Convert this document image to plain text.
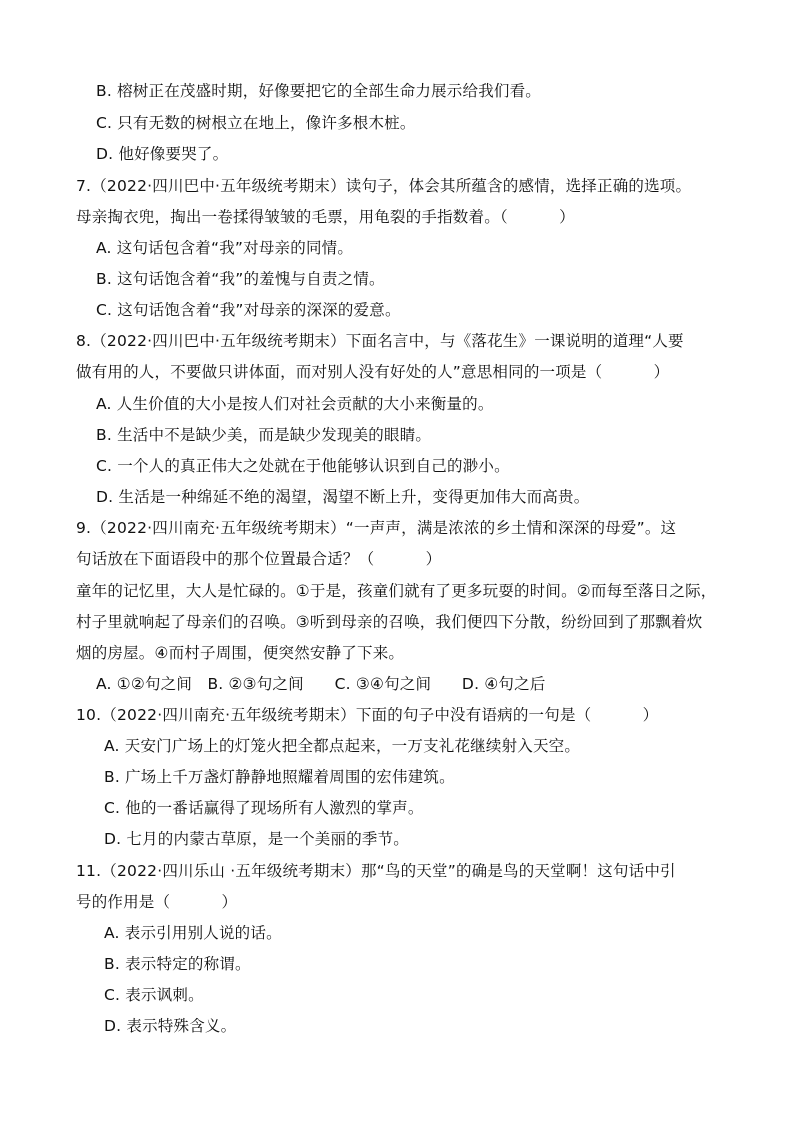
B. 榕树正在茂盛时期，好像要把它的全部生命力展示给我们看。
C. 只有无数的树根立在地上，像许多根木桩。
D. 他好像要哭了。
7.（2022·四川巴中·五年级统考期末）读句子，体会其所蕴含的感情，选择正确的选项。
母亲掏衣兜，掏出一卷揉得皱皱的毛票，用龟裂的手指数着。（          ）
A. 这句话包含着“我”对母亲的同情。
B. 这句话饱含着“我”的羞愧与自责之情。
C. 这句话饱含着“我”对母亲的深深的爱意。
8.（2022·四川巴中·五年级统考期末）下面名言中，与《落花生》一课说明的道理“人要
做有用的人，不要做只讲体面，而对别人没有好处的人”意思相同的一项是（          ）
A. 人生价值的大小是按人们对社会贡献的大小来衡量的。
B. 生活中不是缺少美，而是缺少发现美的眼睛。
C. 一个人的真正伟大之处就在于他能够认识到自己的渺小。
D. 生活是一种绵延不绝的渴望，渴望不断上升，变得更加伟大而高贵。
9.（2022·四川南充·五年级统考期末）“一声声，满是浓浓的乡土情和深深的母爱”。这
句话放在下面语段中的那个位置最合适？（          ）
童年的记忆里，大人是忙碌的。①于是，孩童们就有了更多玩耍的时间。②而每至落日之际，
村子里就响起了母亲们的召唤。③听到母亲的召唤，我们便四下分散，纷纷回到了那飘着炊
烟的房屋。④而村子周围，便突然安静了下来。
A. ①②句之间   B. ②③句之间      C. ③④句之间      D. ④句之后
10.（2022·四川南充·五年级统考期末）下面的句子中没有语病的一句是（          ）
A. 天安门广场上的灯笼火把全都点起来，一万支礼花继续射入天空。
B. 广场上千万盏灯静静地照耀着周围的宏伟建筑。
C. 他的一番话赢得了现场所有人激烈的掌声。
D. 七月的内蒙古草原，是一个美丽的季节。
11.（2022·四川乐山 ·五年级统考期末）那“鸟的天堂”的确是鸟的天堂啊！这句话中引
号的作用是（          ）
A. 表示引用别人说的话。
B. 表示特定的称谓。
C. 表示讽刺。
D. 表示特殊含义。
